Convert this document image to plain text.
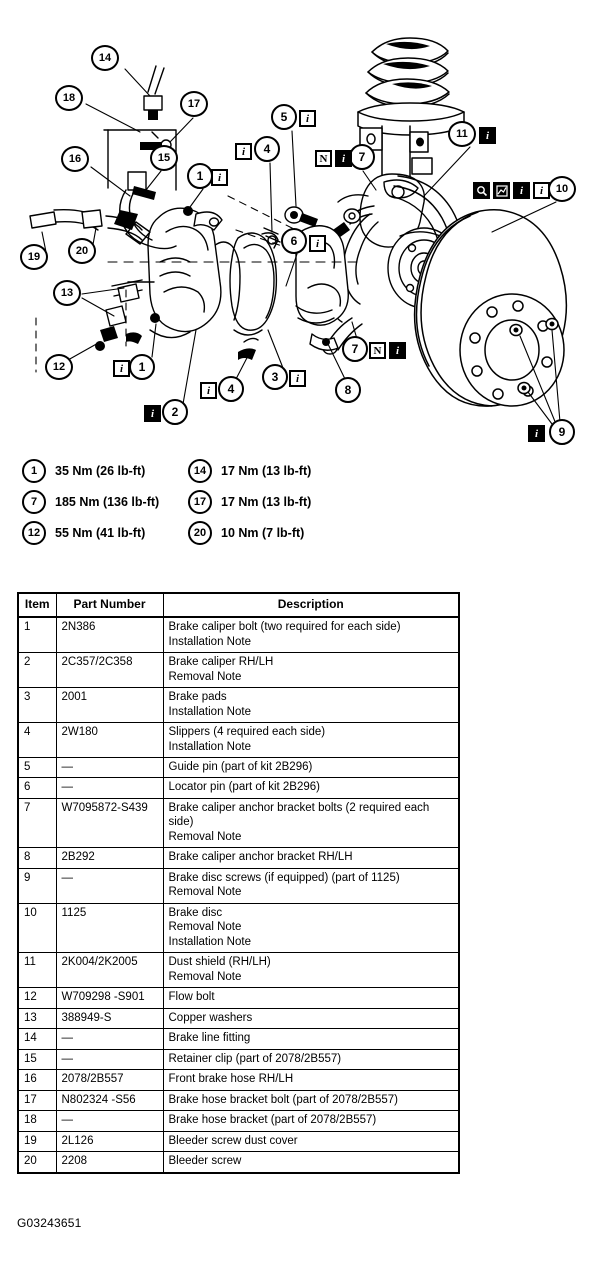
14
18	17
16	15
5
4
7
11
10
1
19	20
13
6
12	1
4
3
7
8
2
9
i
i
i
N	i
i
i
i	i
i
i
i
N	i
i
i
1	35 Nm (26 lb-ft)
7	185 Nm (136 lb-ft)
12	55 Nm (41 lb-ft)
14	17 Nm (13 lb-ft)
17	17 Nm (13 lb-ft)
20	10 Nm (7 lb-ft)
Item	Part Number	Description
1	2N386	Brake caliper bolt (two required for each side)
Installation Note

2	2C357/2C358	Brake caliper RH/LH
Removal Note

3	2001	Brake pads
Installation Note

4	2W180	Slippers (4 required each side)
Installation Note

5	—	Guide pin (part of kit 2B296)
6	—	Locator pin (part of kit 2B296)
7	W7095872-S439	Brake caliper anchor bracket bolts (2 required each side)
Removal Note

8	2B292	Brake caliper anchor bracket RH/LH
9	—	Brake disc screws (if equipped) (part of 1125)
Removal Note

10	1125	Brake disc
Removal Note
Installation Note

11	2K004/2K2005	Dust shield (RH/LH)
Removal Note

12	W709298 -S901	Flow bolt
13	388949-S	Copper washers
14	—	Brake line fitting
15	—	Retainer clip (part of 2078/2B557)
16	2078/2B557	Front brake hose RH/LH
17	N802324 -S56	Brake hose bracket bolt (part of 2078/2B557)
18	—	Brake hose bracket (part of 2078/2B557)
19	2L126	Bleeder screw dust cover
20	2208	Bleeder screw
G03243651
